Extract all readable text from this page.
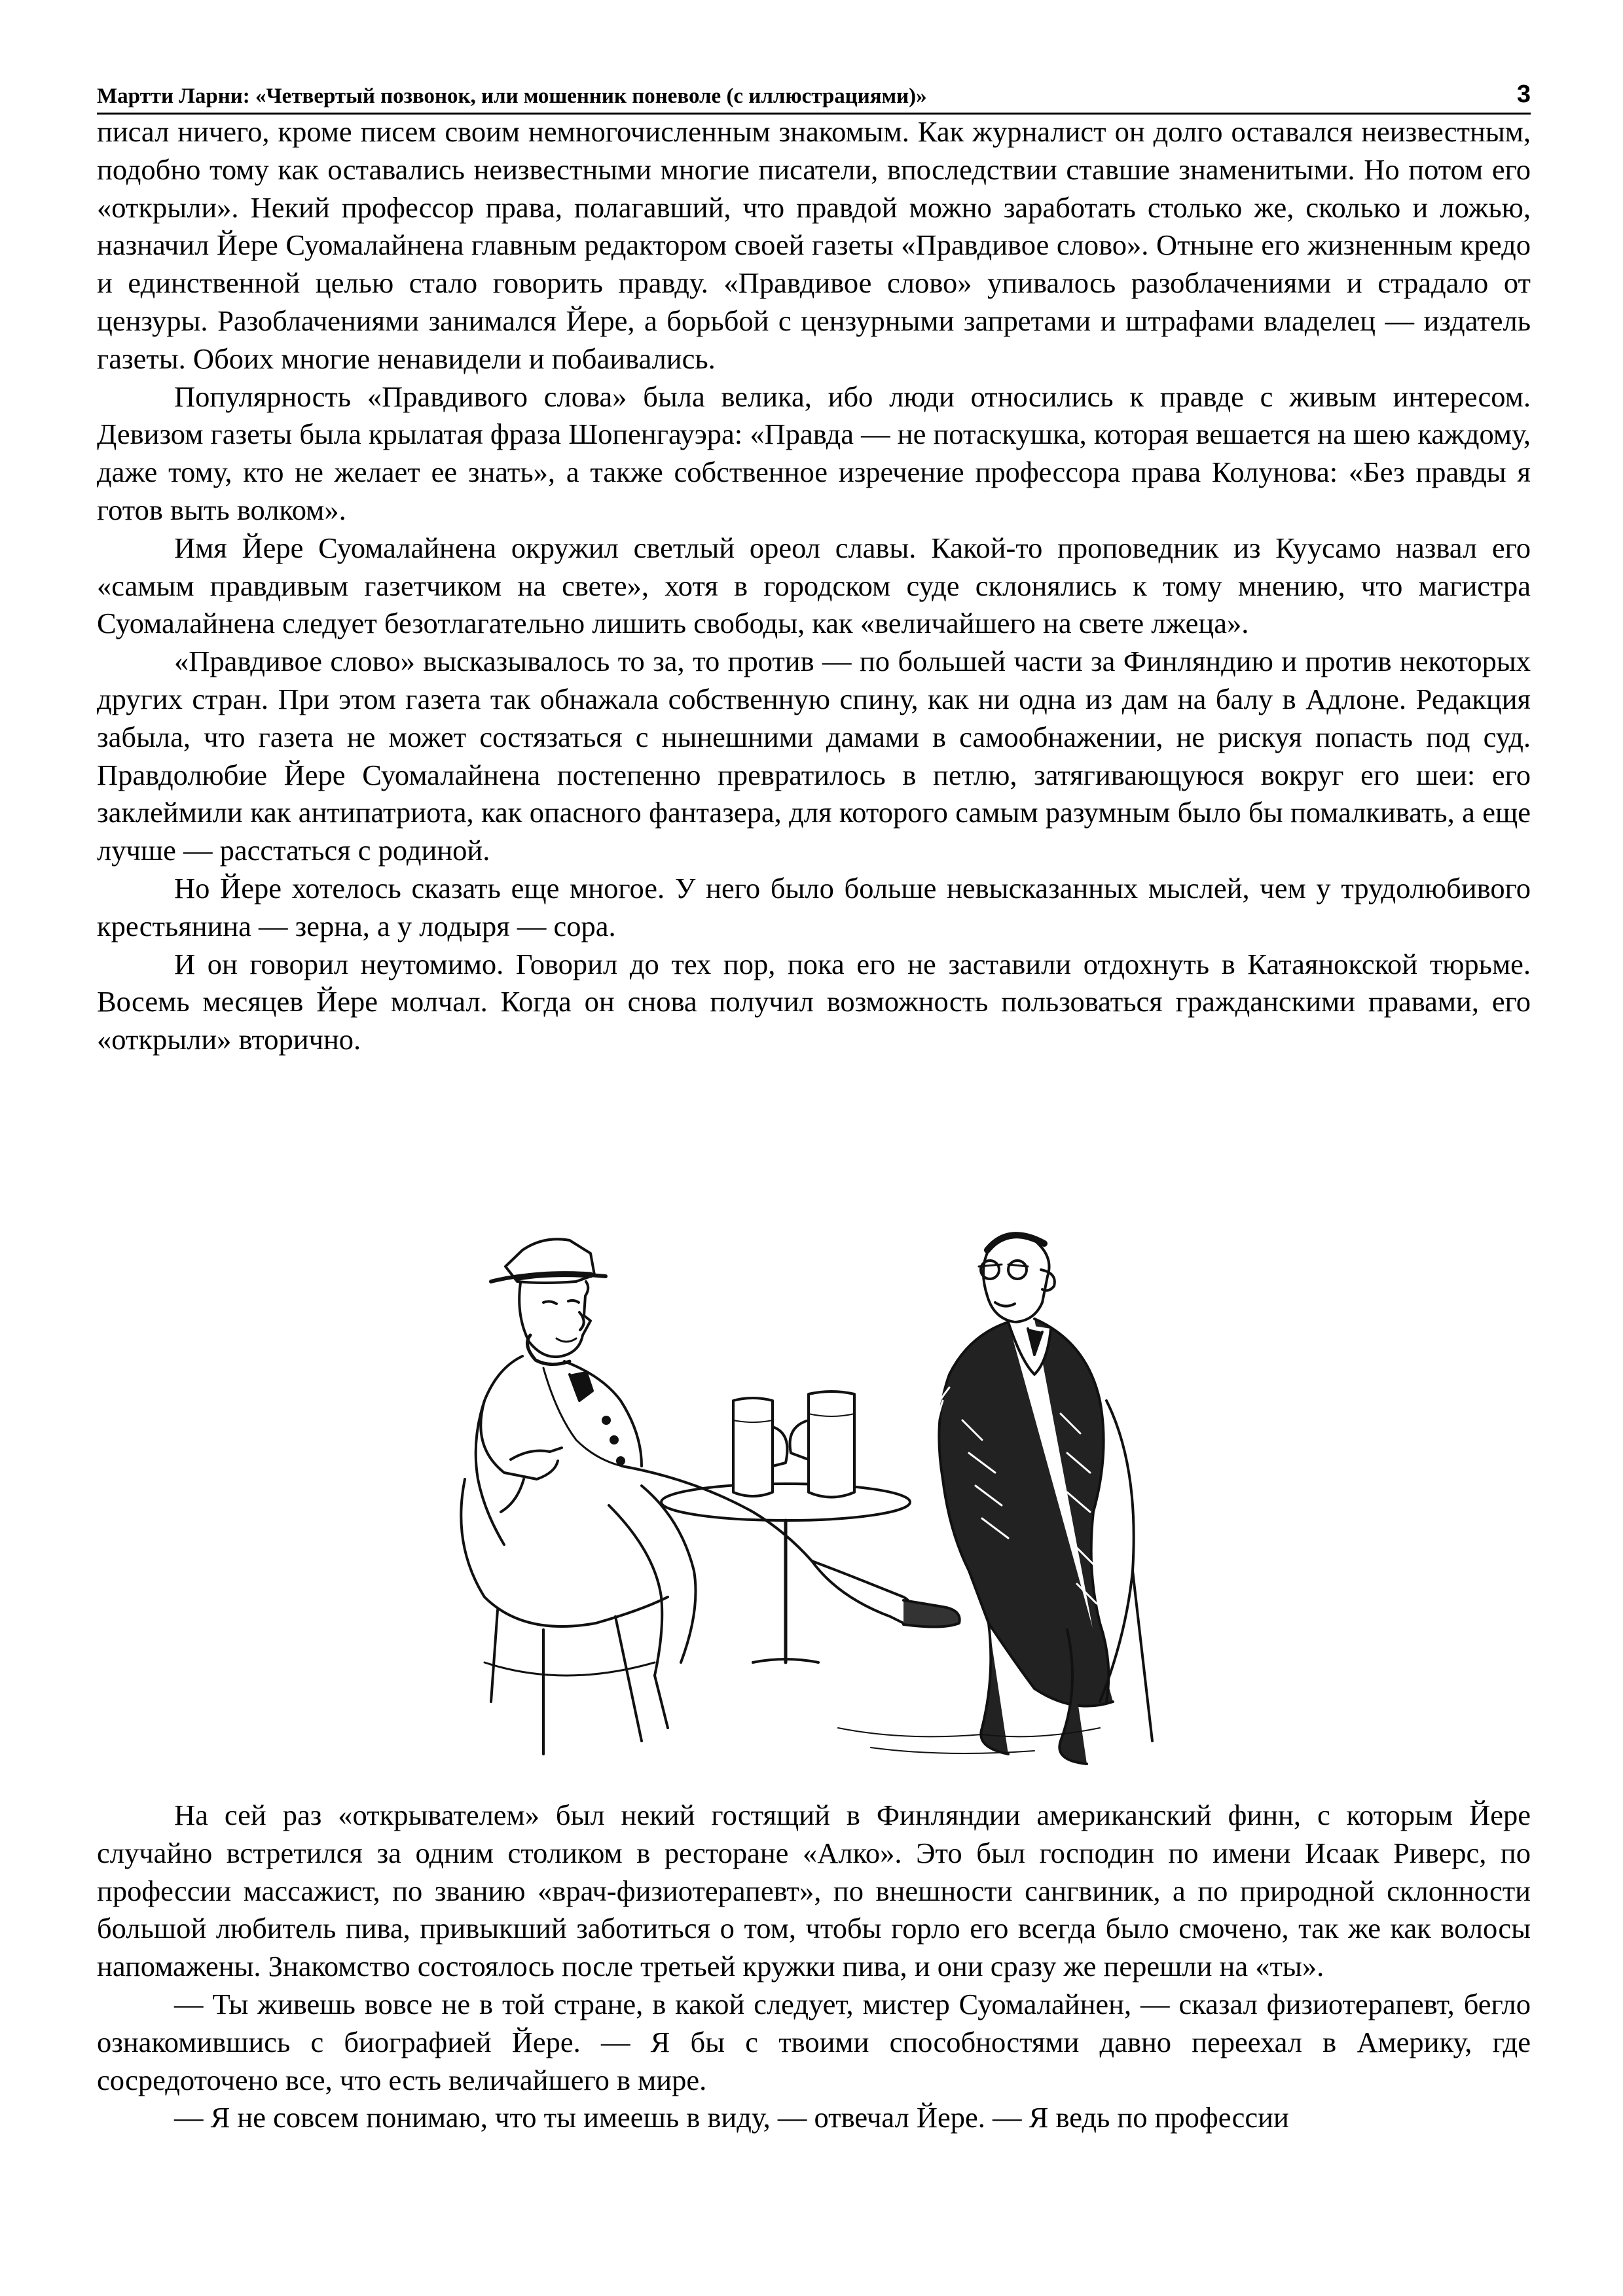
Мартти Ларни: «Четвертый позвонок, или мошенник поневоле (с иллюстрациями)»	3

писал ничего, кроме писем своим немногочисленным знакомым. Как журналист он долго оставался неизвестным, подобно тому как оставались неизвестными многие писатели, впоследствии ставшие знаменитыми. Но потом его «открыли». Некий профессор права, полагавший, что правдой можно заработать столько же, сколько и ложью, назначил Йере Суомалайнена главным редактором своей газеты «Правдивое слово». Отныне его жизненным кредо и единственной целью стало говорить правду. «Правдивое слово» упивалось разоблачениями и страдало от цензуры. Разоблачениями занимался Йере, а борьбой с цензурными запретами и штрафами владелец — издатель газеты. Обоих многие ненавидели и побаивались.

Популярность «Правдивого слова» была велика, ибо люди относились к правде с живым интересом. Девизом газеты была крылатая фраза Шопенгауэра: «Правда — не потаскушка, которая вешается на шею каждому, даже тому, кто не желает ее знать», а также собственное изречение профессора права Колунова: «Без правды я готов выть волком».

Имя Йере Суомалайнена окружил светлый ореол славы. Какой-то проповедник из Куусамо назвал его «самым правдивым газетчиком на свете», хотя в городском суде склонялись к тому мнению, что магистра Суомалайнена следует безотлагательно лишить свободы, как «величайшего на свете лжеца».

«Правдивое слово» высказывалось то за, то против — по большей части за Финляндию и против некоторых других стран. При этом газета так обнажала собственную спину, как ни одна из дам на балу в Адлоне. Редакция забыла, что газета не может состязаться с нынешними дамами в самообнажении, не рискуя попасть под суд. Правдолюбие Йере Суомалайнена постепенно превратилось в петлю, затягивающуюся вокруг его шеи: его заклеймили как антипатриота, как опасного фантазера, для которого самым разумным было бы помалкивать, а еще лучше — расстаться с родиной.

Но Йере хотелось сказать еще многое. У него было больше невысказанных мыслей, чем у трудолюбивого крестьянина — зерна, а у лодыря — сора.

И он говорил неутомимо. Говорил до тех пор, пока его не заставили отдохнуть в Катаянокской тюрьме. Восемь месяцев Йере молчал. Когда он снова получил возможность пользоваться гражданскими правами, его «открыли» вторично.

На сей раз «открывателем» был некий гостящий в Финляндии американский финн, с которым Йере случайно встретился за одним столиком в ресторане «Алко». Это был господин по имени Исаак Риверс, по профессии массажист, по званию «врач-физиотерапевт», по внешности сангвиник, а по природной склонности большой любитель пива, привыкший заботиться о том, чтобы горло его всегда было смочено, так же как волосы напомажены. Знакомство состоялось после третьей кружки пива, и они сразу же перешли на «ты».

— Ты живешь вовсе не в той стране, в какой следует, мистер Суомалайнен, — сказал физиотерапевт, бегло ознакомившись с биографией Йере. — Я бы с твоими способностями давно переехал в Америку, где сосредоточено все, что есть величайшего в мире.

— Я не совсем понимаю, что ты имеешь в виду, — отвечал Йере. — Я ведь по профессии
